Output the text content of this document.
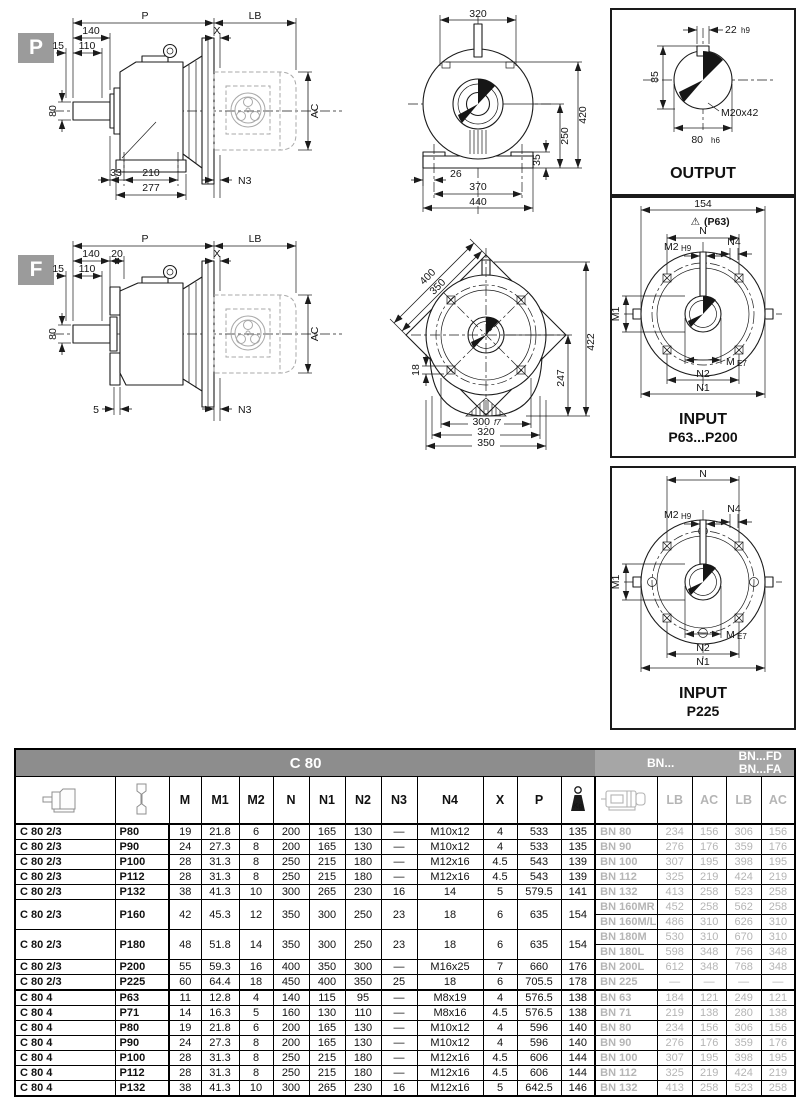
P
F
P	LB
140	X
15 110
80
33 210
277
N3
AC
P	LB
140 20	X
15 110
80
5	N3
AC
320
420
250
35
26
370
440
400
350
422
247
18
300 f7
320
350
22 h9
85
M20x42
80 h6
OUTPUT
154
⚠ (P63)
N
M2 H9
N4
M1
M E7
N2
N1
INPUT
P63...P200
N
M2 H9
N4
M1
M E7
N2
N1
INPUT
P225
C 80													BN...			BN...FD
BN...FA	
		M	M1	M2	N	N1	N2	N3	N4	X	P	Kg		LB	AC	LB	AC
C 80 2/3	P80	19	21.8	6	200	165	130	—	M10x12	4	533	135	BN 80	234	156	306	156
C 80 2/3	P90	24	27.3	8	200	165	130	—	M10x12	4	533	135	BN 90	276	176	359	176
C 80 2/3	P100	28	31.3	8	250	215	180	—	M12x16	4.5	543	139	BN 100	307	195	398	195
C 80 2/3	P112	28	31.3	8	250	215	180	—	M12x16	4.5	543	139	BN 112	325	219	424	219
C 80 2/3	P132	38	41.3	10	300	265	230	16	14	5	579.5	141	BN 132	413	258	523	258
C 80 2/3	P160	42	45.3	12	350	300	250	23	18	6	635	154	BN 160MR	452	258	562	258
													BN 160M/L	486	310	626	310
C 80 2/3	P180	48	51.8	14	350	300	250	23	18	6	635	154	BN 180M	530	310	670	310
													BN 180L	598	348	756	348
C 80 2/3	P200	55	59.3	16	400	350	300	—	M16x25	7	660	176	BN 200L	612	348	768	348
C 80 2/3	P225	60	64.4	18	450	400	350	25	18	6	705.5	178	BN 225	—	—	—	—
C 80 4	P63	11	12.8	4	140	115	95	—	M8x19	4	576.5	138	BN 63	184	121	249	121
C 80 4	P71	14	16.3	5	160	130	110	—	M8x16	4.5	576.5	138	BN 71	219	138	280	138
C 80 4	P80	19	21.8	6	200	165	130	—	M10x12	4	596	140	BN 80	234	156	306	156
C 80 4	P90	24	27.3	8	200	165	130	—	M10x12	4	596	140	BN 90	276	176	359	176
C 80 4	P100	28	31.3	8	250	215	180	—	M12x16	4.5	606	144	BN 100	307	195	398	195
C 80 4	P112	28	31.3	8	250	215	180	—	M12x16	4.5	606	144	BN 112	325	219	424	219
C 80 4	P132	38	41.3	10	300	265	230	16	M12x16	5	642.5	146	BN 132	413	258	523	258
